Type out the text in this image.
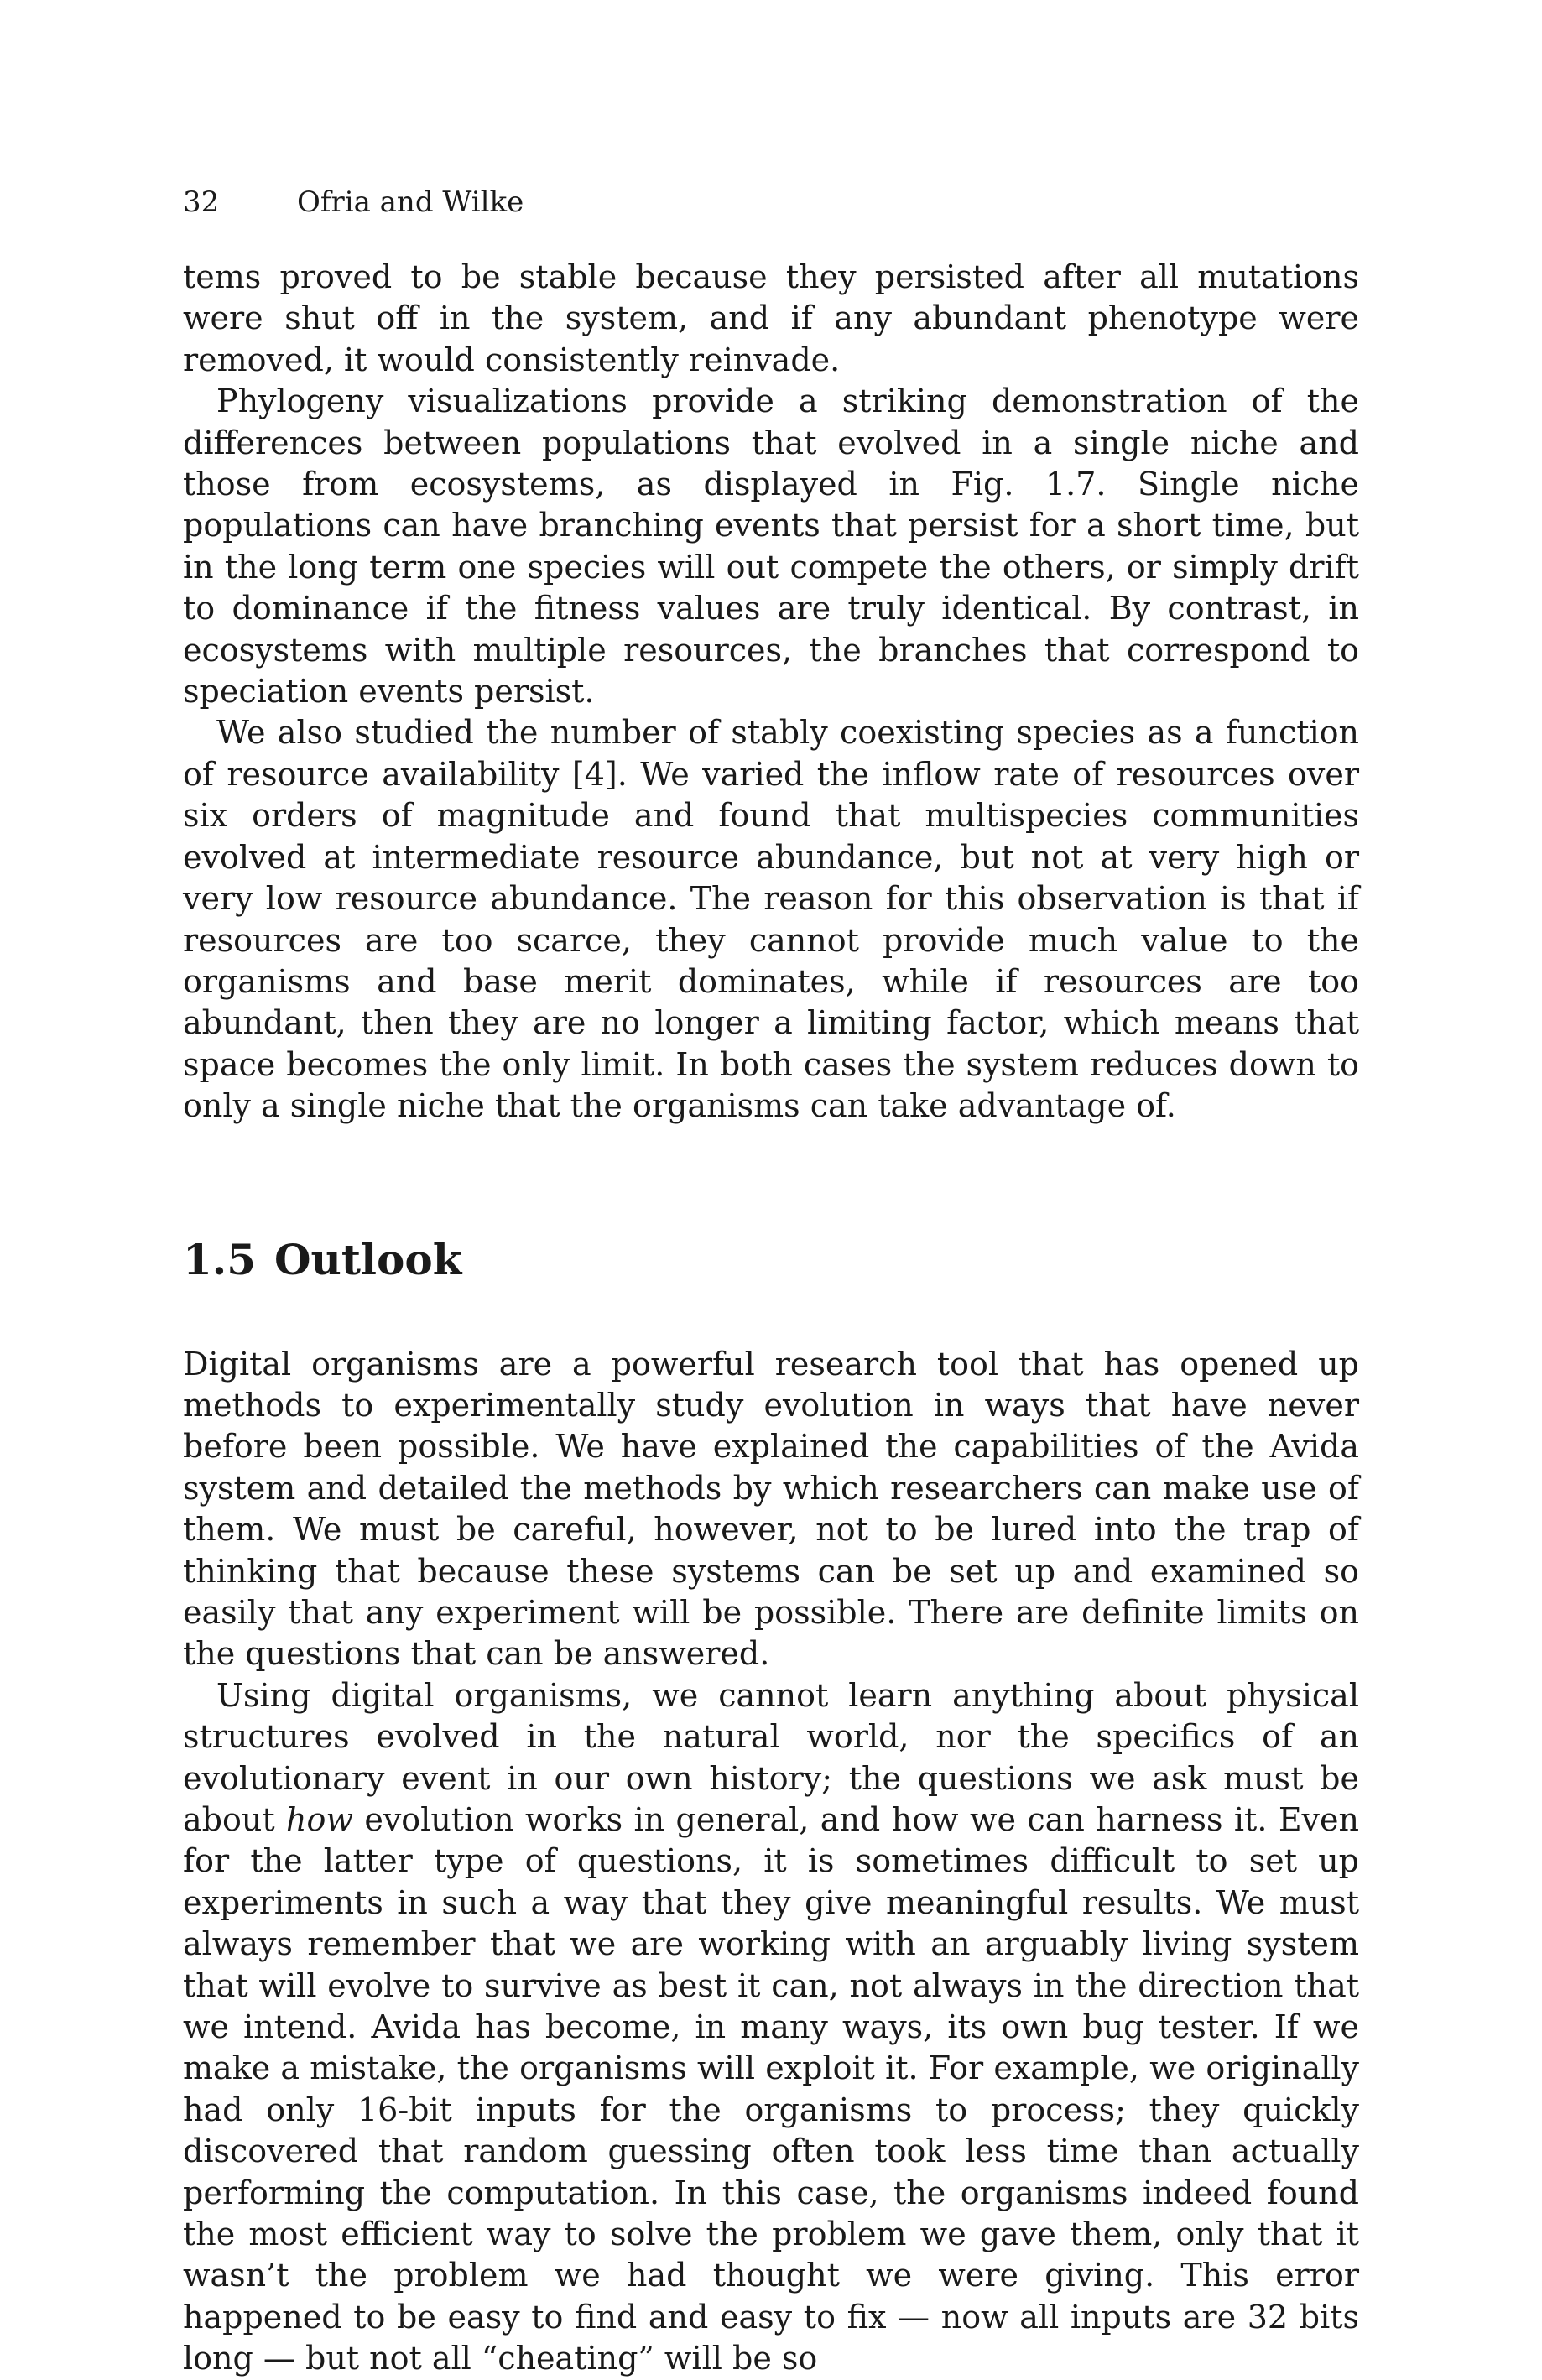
32	Ofria and Wilke

tems proved to be stable because they persisted after all mutations were shut off in the system, and if any abundant phenotype were removed, it would consistently reinvade.

Phylogeny visualizations provide a striking demonstration of the differences between populations that evolved in a single niche and those from ecosystems, as displayed in Fig. 1.7. Single niche populations can have branching events that persist for a short time, but in the long term one species will out compete the others, or simply drift to dominance if the fitness values are truly identical. By contrast, in ecosystems with multiple resources, the branches that correspond to speciation events persist.

We also studied the number of stably coexisting species as a function of resource availability [4]. We varied the inflow rate of resources over six orders of magnitude and found that multispecies communities evolved at intermediate resource abundance, but not at very high or very low resource abundance. The reason for this observation is that if resources are too scarce, they cannot provide much value to the organisms and base merit dominates, while if resources are too abundant, then they are no longer a limiting factor, which means that space becomes the only limit. In both cases the system reduces down to only a single niche that the organisms can take advantage of.

1.5 Outlook

Digital organisms are a powerful research tool that has opened up methods to experimentally study evolution in ways that have never before been possible. We have explained the capabilities of the Avida system and detailed the methods by which researchers can make use of them. We must be careful, however, not to be lured into the trap of thinking that because these systems can be set up and examined so easily that any experiment will be possible. There are definite limits on the questions that can be answered.

Using digital organisms, we cannot learn anything about physical structures evolved in the natural world, nor the specifics of an evolutionary event in our own history; the questions we ask must be about how evolution works in general, and how we can harness it. Even for the latter type of questions, it is sometimes difficult to set up experiments in such a way that they give meaningful results. We must always remember that we are working with an arguably living system that will evolve to survive as best it can, not always in the direction that we intend. Avida has become, in many ways, its own bug tester. If we make a mistake, the organisms will exploit it. For example, we originally had only 16-bit inputs for the organisms to process; they quickly discovered that random guessing often took less time than actually performing the computation. In this case, the organisms indeed found the most efficient way to solve the problem we gave them, only that it wasn’t the problem we had thought we were giving. This error happened to be easy to find and easy to fix — now all inputs are 32 bits long — but not all “cheating” will be so
